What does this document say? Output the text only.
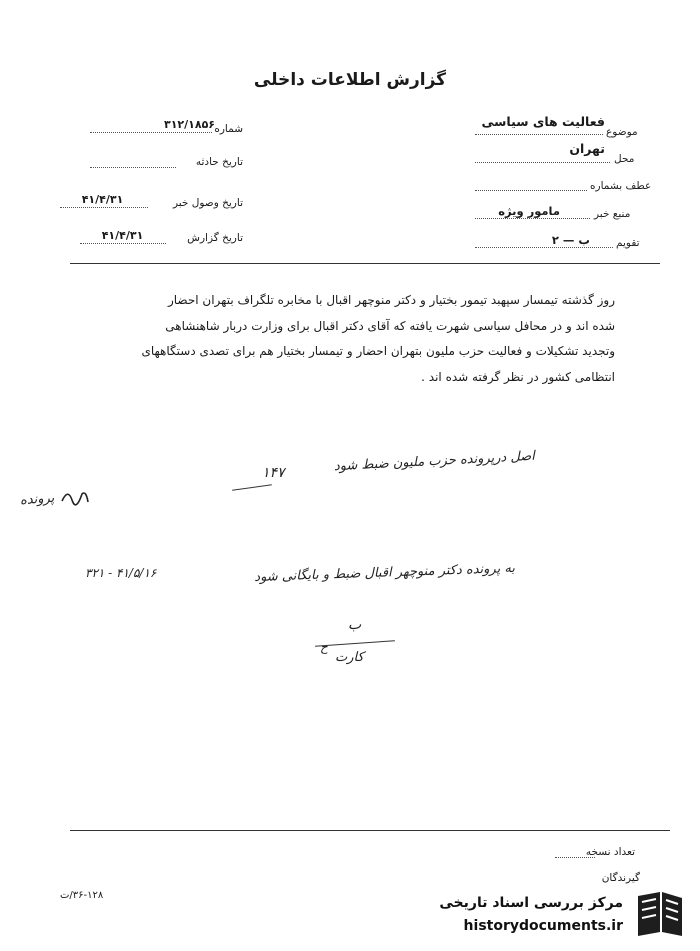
گزارش اطلاعات داخلی
موضوع
فعالیت های سیاسی
محل
تهران
عطف بشماره
منبع خبر
مامور ویژه
تقویم
ب — ۲
شماره
۳۱۲/۱۸۵۶
تاریخ حادثه
تاریخ وصول خبر
۴۱/۴/۳۱
تاریخ گزارش
۴۱/۴/۳۱
روز گذشته تیمسار سپهبد تیمور بختیار و دکتر منوچهر اقبال با مخابره تلگراف بتهران احضار
شده اند و در محافل سیاسی شهرت یافته که آقای دکتر اقبال برای وزارت دربار شاهنشاهی
وتجدید تشکیلات و فعالیت حزب ملیون بتهران احضار و تیمسار بختیار هم برای تصدی دستگاههای
انتظامی کشور در نظر گرفته شده اند .
اصل درپرونده حزب ملیون ضبط شود
۱۴۷
پرونده
به پرونده دکتر منوچهر اقبال ضبط و بایگانی شود
۳۲۱ - ۴۱/۵/۱۶
ب
کارت
ح
تعداد نسخه
گیرندگان
۳۶-۱۲۸/ت	مرکز بررسی اسناد تاریخی
historydocuments.ir
